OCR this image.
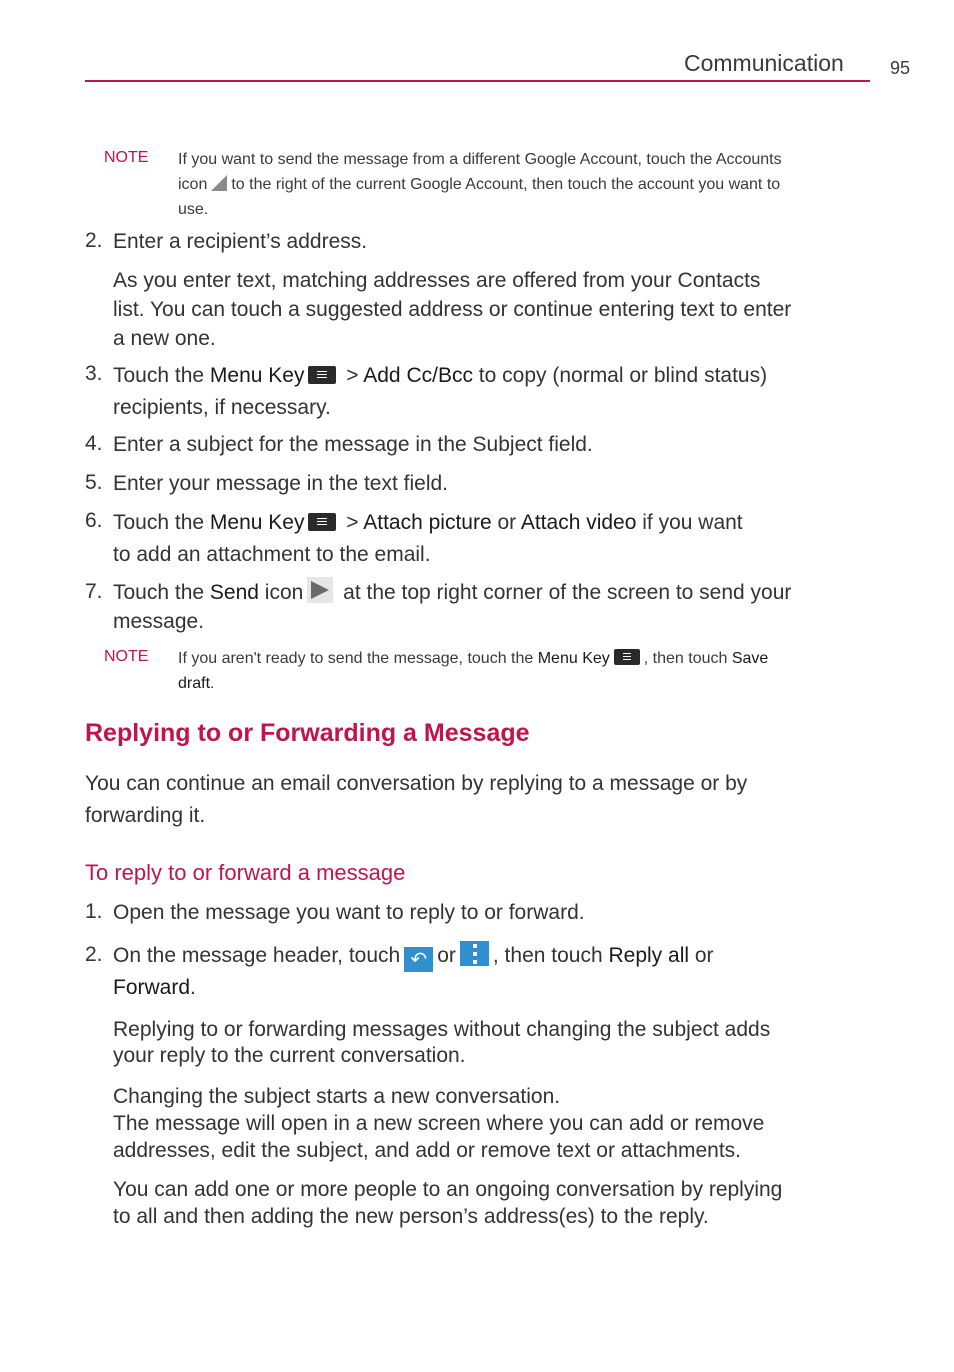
Communication	95
NOTE If you want to send the message from a different Google Account, touch the Accounts
icon to the right of the current Google Account, then touch the account you want to
use.
2. Enter a recipient’s address.
As you enter text, matching addresses are offered from your Contacts
list. You can touch a suggested address or continue entering text to enter
a new one.
3. Touch the Menu Key > Add Cc/Bcc to copy (normal or blind status)
recipients, if necessary.
4. Enter a subject for the message in the Subject field.
5. Enter your message in the text field.
6. Touch the Menu Key > Attach picture or Attach video if you want
to add an attachment to the email.
7. Touch the Send icon at the top right corner of the screen to send your
message.
NOTE If you aren't ready to send the message, touch the Menu Key , then touch Save
draft.
Replying to or Forwarding a Message
You can continue an email conversation by replying to a message or by
forwarding it.
To reply to or forward a message
1. Open the message you want to reply to or forward.
2. On the message header, touch ↶ or , then touch Reply all or
Forward.
Replying to or forwarding messages without changing the subject adds
your reply to the current conversation.
Changing the subject starts a new conversation.
The message will open in a new screen where you can add or remove
addresses, edit the subject, and add or remove text or attachments.
You can add one or more people to an ongoing conversation by replying
to all and then adding the new person’s address(es) to the reply.
